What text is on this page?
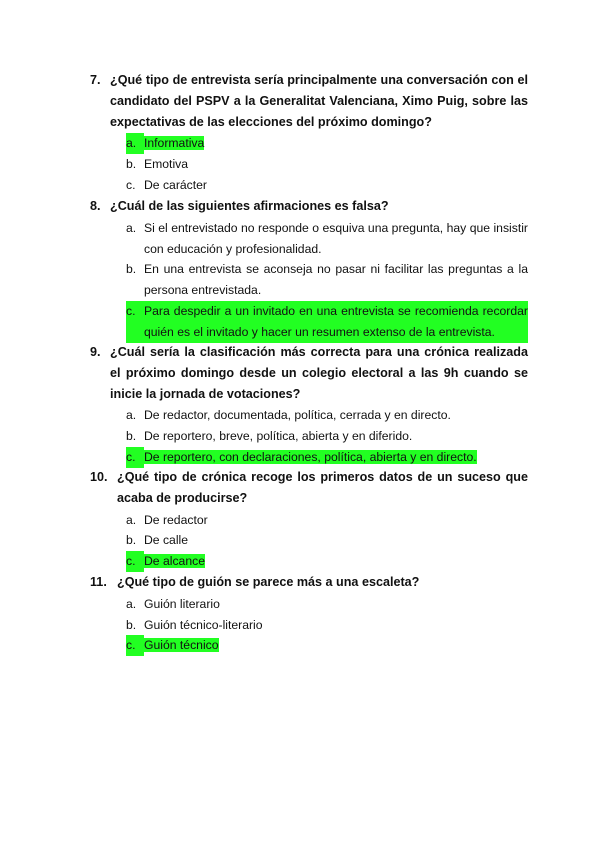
7. ¿Qué tipo de entrevista sería principalmente una conversación con el candidato del PSPV a la Generalitat Valenciana, Ximo Puig, sobre las expectativas de las elecciones del próximo domingo?
a. Informativa
b. Emotiva
c. De carácter
8. ¿Cuál de las siguientes afirmaciones es falsa?
a. Si el entrevistado no responde o esquiva una pregunta, hay que insistir con educación y profesionalidad.
b. En una entrevista se aconseja no pasar ni facilitar las preguntas a la persona entrevistada.
c. Para despedir a un invitado en una entrevista se recomienda recordar quién es el invitado y hacer un resumen extenso de la entrevista.
9. ¿Cuál sería la clasificación más correcta para una crónica realizada el próximo domingo desde un colegio electoral a las 9h cuando se inicie la jornada de votaciones?
a. De redactor, documentada, política, cerrada y en directo.
b. De reportero, breve, política, abierta y en diferido.
c. De reportero, con declaraciones, política, abierta y en directo.
10. ¿Qué tipo de crónica recoge los primeros datos de un suceso que acaba de producirse?
a. De redactor
b. De calle
c. De alcance
11. ¿Qué tipo de guión se parece más a una escaleta?
a. Guión literario
b. Guión técnico-literario
c. Guión técnico
